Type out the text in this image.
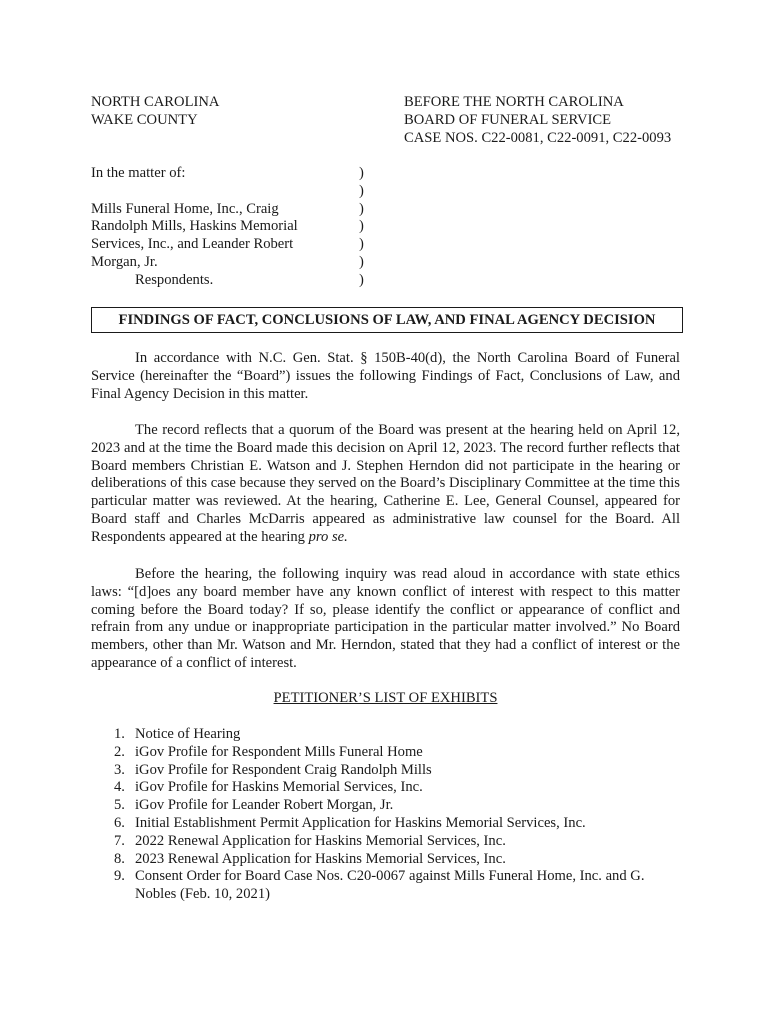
NORTH CAROLINA
WAKE COUNTY
BEFORE THE NORTH CAROLINA
BOARD OF FUNERAL SERVICE
CASE NOS. C22-0081, C22-0091, C22-0093
In the matter of:

Mills Funeral Home, Inc., Craig
Randolph Mills, Haskins Memorial
Services, Inc., and Leander Robert
Morgan, Jr.
Respondents.
)
)
)
)
)
)
)
FINDINGS OF FACT, CONCLUSIONS OF LAW, AND FINAL AGENCY DECISION
In accordance with N.C. Gen. Stat. § 150B-40(d), the North Carolina Board of Funeral Service (hereinafter the “Board”) issues the following Findings of Fact, Conclusions of Law, and Final Agency Decision in this matter.
The record reflects that a quorum of the Board was present at the hearing held on April 12, 2023 and at the time the Board made this decision on April 12, 2023. The record further reflects that Board members Christian E. Watson and J. Stephen Herndon did not participate in the hearing or deliberations of this case because they served on the Board’s Disciplinary Committee at the time this particular matter was reviewed. At the hearing, Catherine E. Lee, General Counsel, appeared for Board staff and Charles McDarris appeared as administrative law counsel for the Board. All Respondents appeared at the hearing pro se.
Before the hearing, the following inquiry was read aloud in accordance with state ethics laws: “[d]oes any board member have any known conflict of interest with respect to this matter coming before the Board today? If so, please identify the conflict or appearance of conflict and refrain from any undue or inappropriate participation in the particular matter involved.” No Board members, other than Mr. Watson and Mr. Herndon, stated that they had a conflict of interest or the appearance of a conflict of interest.
PETITIONER’S LIST OF EXHIBITS
1. Notice of Hearing
2. iGov Profile for Respondent Mills Funeral Home
3. iGov Profile for Respondent Craig Randolph Mills
4. iGov Profile for Haskins Memorial Services, Inc.
5. iGov Profile for Leander Robert Morgan, Jr.
6. Initial Establishment Permit Application for Haskins Memorial Services, Inc.
7. 2022 Renewal Application for Haskins Memorial Services, Inc.
8. 2023 Renewal Application for Haskins Memorial Services, Inc.
9. Consent Order for Board Case Nos. C20-0067 against Mills Funeral Home, Inc. and G. Nobles (Feb. 10, 2021)
